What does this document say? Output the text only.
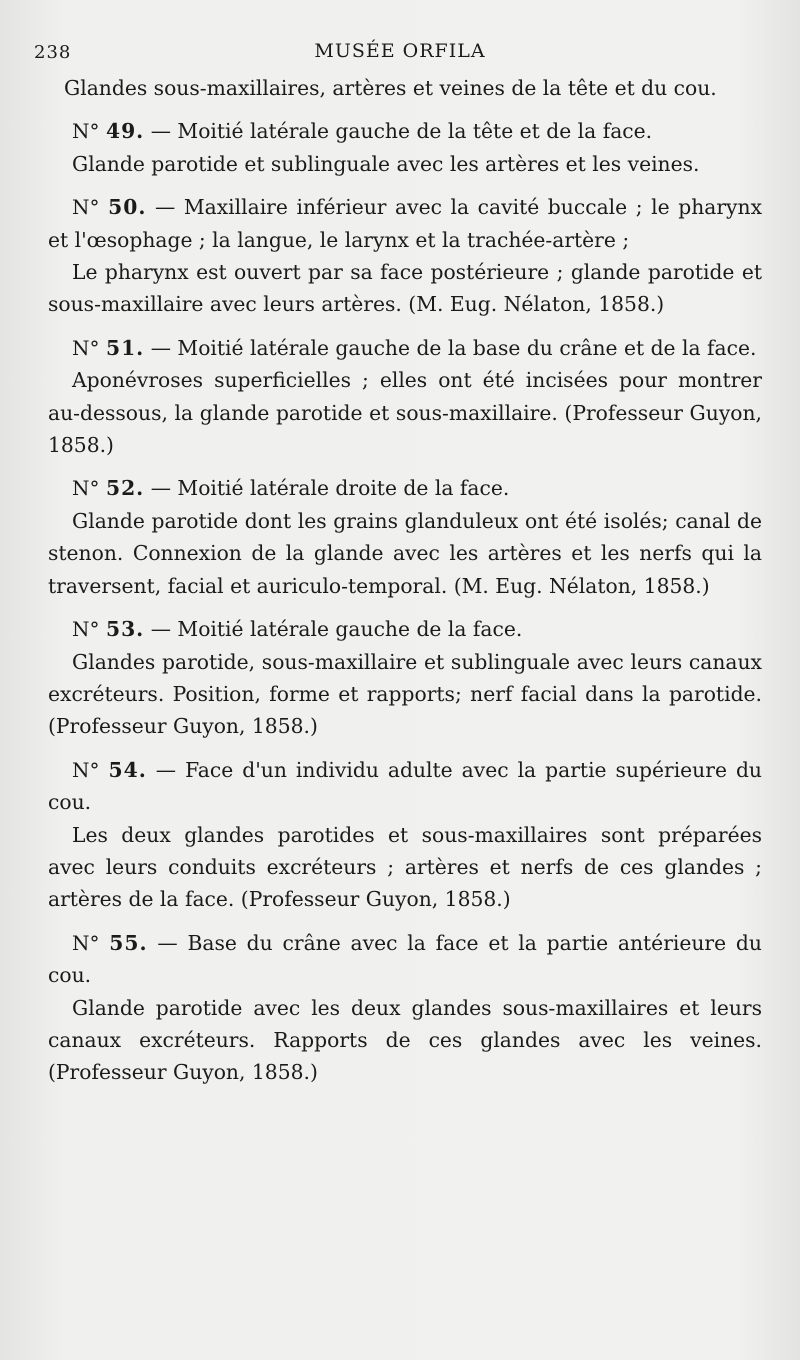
238	MUSÉE ORFILA

Glandes sous-maxillaires, artères et veines de la tête et du cou.

N° 49. — Moitié latérale gauche de la tête et de la face.

Glande parotide et sublinguale avec les artères et les veines.

N° 50. — Maxillaire inférieur avec la cavité buccale ; le pharynx et l'œsophage ; la langue, le larynx et la trachée-artère ;

Le pharynx est ouvert par sa face postérieure ; glande parotide et sous-maxillaire avec leurs artères. (M. Eug. Nélaton, 1858.)

N° 51. — Moitié latérale gauche de la base du crâne et de la face.

Aponévroses superficielles ; elles ont été incisées pour montrer au-dessous, la glande parotide et sous-maxillaire. (Professeur Guyon, 1858.)

N° 52. — Moitié latérale droite de la face.

Glande parotide dont les grains glanduleux ont été isolés; canal de stenon. Connexion de la glande avec les artères et les nerfs qui la traversent, facial et auriculo-temporal. (M. Eug. Nélaton, 1858.)

N° 53. — Moitié latérale gauche de la face.

Glandes parotide, sous-maxillaire et sublinguale avec leurs canaux excréteurs. Position, forme et rapports; nerf facial dans la parotide. (Professeur Guyon, 1858.)

N° 54. — Face d'un individu adulte avec la partie supérieure du cou.

Les deux glandes parotides et sous-maxillaires sont préparées avec leurs conduits excréteurs ; artères et nerfs de ces glandes ; artères de la face. (Professeur Guyon, 1858.)

N° 55. — Base du crâne avec la face et la partie antérieure du cou.

Glande parotide avec les deux glandes sous-maxillaires et leurs canaux excréteurs. Rapports de ces glandes avec les veines. (Professeur Guyon, 1858.)
